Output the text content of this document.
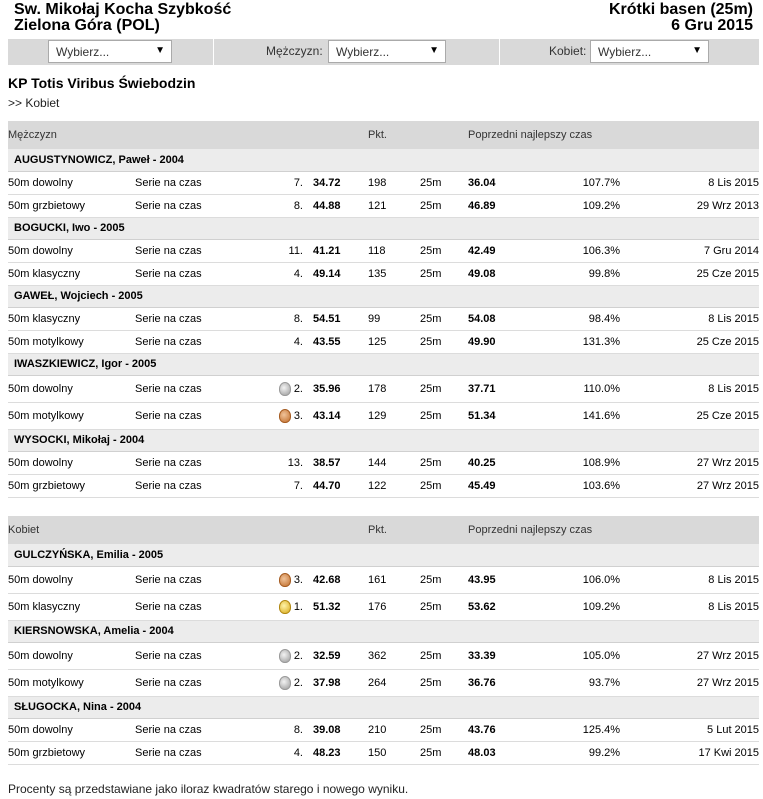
Sw. Mikołaj Kocha Szybkość
Zielona Góra (POL)
Krótki basen (25m)
6 Gru 2015
Wybierz...	▼	Mężczyzn: Wybierz...	▼	Kobiet: Wybierz...	▼
KP Totis Viribus Świebodzin
>> Kobiet
Mężczyzn					Pkt.		Poprzedni najlepszy czas		
AUGUSTYNOWICZ, Paweł - 2004									
50m dowolny	Serie na czas	7.		34.72	198	25m	36.04	107.7%	8 Lis 2015
50m grzbietowy	Serie na czas	8.		44.88	121	25m	46.89	109.2%	29 Wrz 2013
BOGUCKI, Iwo - 2005									
50m dowolny	Serie na czas	11.		41.21	118	25m	42.49	106.3%	7 Gru 2014
50m klasyczny	Serie na czas	4.		49.14	135	25m	49.08	99.8%	25 Cze 2015
GAWEŁ, Wojciech - 2005									
50m klasyczny	Serie na czas	8.		54.51	99	25m	54.08	98.4%	8 Lis 2015
50m motylkowy	Serie na czas	4.		43.55	125	25m	49.90	131.3%	25 Cze 2015
IWASZKIEWICZ, Igor - 2005									
50m dowolny	Serie na czas	2.		35.96	178	25m	37.71	110.0%	8 Lis 2015
50m motylkowy	Serie na czas	3.		43.14	129	25m	51.34	141.6%	25 Cze 2015
WYSOCKI, Mikołaj - 2004									
50m dowolny	Serie na czas	13.		38.57	144	25m	40.25	108.9%	27 Wrz 2015
50m grzbietowy	Serie na czas	7.		44.70	122	25m	45.49	103.6%	27 Wrz 2015
Kobiet					Pkt.		Poprzedni najlepszy czas		
GULCZYŃSKA, Emilia - 2005									
50m dowolny	Serie na czas	3.		42.68	161	25m	43.95	106.0%	8 Lis 2015
50m klasyczny	Serie na czas	1.		51.32	176	25m	53.62	109.2%	8 Lis 2015
KIERSNOWSKA, Amelia - 2004									
50m dowolny	Serie na czas	2.		32.59	362	25m	33.39	105.0%	27 Wrz 2015
50m motylkowy	Serie na czas	2.		37.98	264	25m	36.76	93.7%	27 Wrz 2015
SŁUGOCKA, Nina - 2004									
50m dowolny	Serie na czas	8.		39.08	210	25m	43.76	125.4%	5 Lut 2015
50m grzbietowy	Serie na czas	4.		48.23	150	25m	48.03	99.2%	17 Kwi 2015
Procenty są przedstawiane jako iloraz kwadratów starego i nowego wyniku.
